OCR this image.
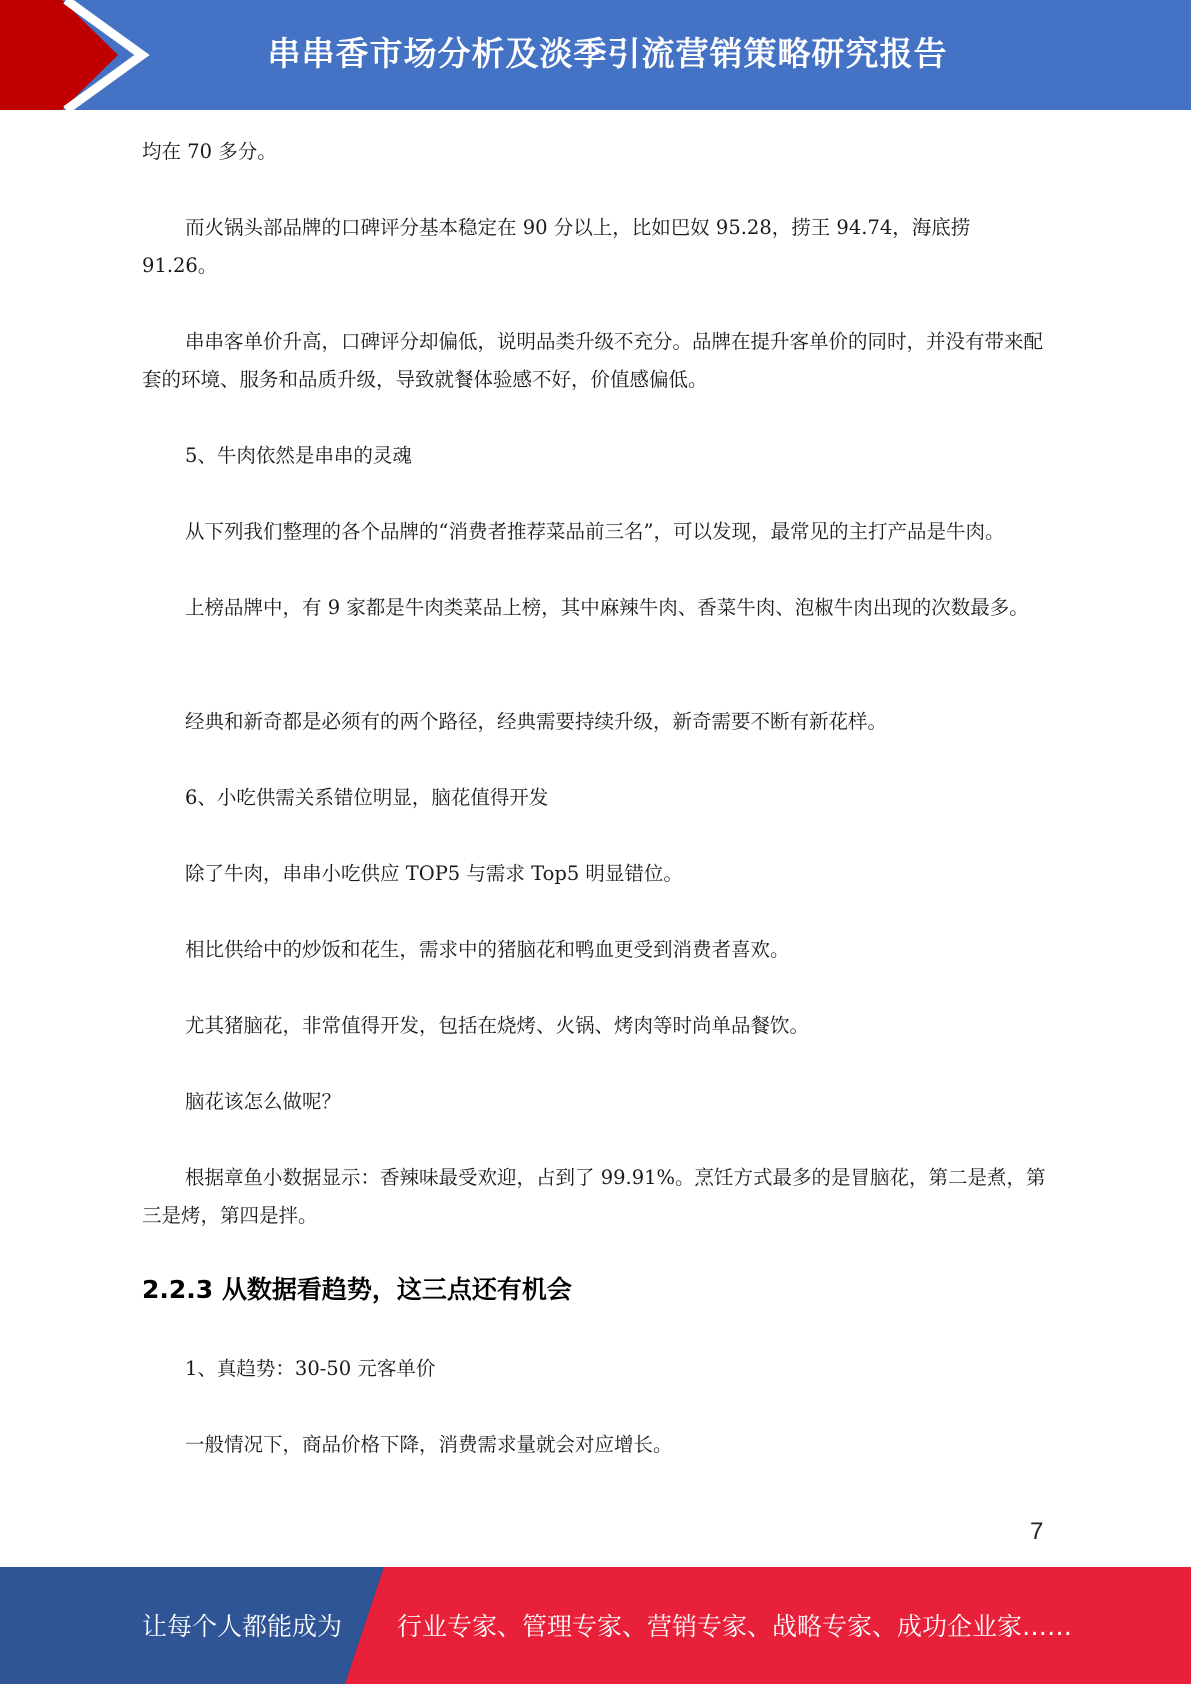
串串香市场分析及淡季引流营销策略研究报告

均在 70 多分。

而火锅头部品牌的口碑评分基本稳定在 90 分以上，比如巴奴 95.28，捞王 94.74，海底捞 91.26。

串串客单价升高，口碑评分却偏低，说明品类升级不充分。品牌在提升客单价的同时，并没有带来配套的环境、服务和品质升级，导致就餐体验感不好，价值感偏低。

5、牛肉依然是串串的灵魂

从下列我们整理的各个品牌的“消费者推荐菜品前三名”，可以发现，最常见的主打产品是牛肉。

上榜品牌中，有 9 家都是牛肉类菜品上榜，其中麻辣牛肉、香菜牛肉、泡椒牛肉出现的次数最多。

经典和新奇都是必须有的两个路径，经典需要持续升级，新奇需要不断有新花样。

6、小吃供需关系错位明显，脑花值得开发

除了牛肉，串串小吃供应 TOP5 与需求 Top5 明显错位。

相比供给中的炒饭和花生，需求中的猪脑花和鸭血更受到消费者喜欢。

尤其猪脑花，非常值得开发，包括在烧烤、火锅、烤肉等时尚单品餐饮。

脑花该怎么做呢？

根据章鱼小数据显示：香辣味最受欢迎，占到了 99.91%。烹饪方式最多的是冒脑花，第二是煮，第三是烤，第四是拌。

2.2.3 从数据看趋势，这三点还有机会

1、真趋势：30-50 元客单价

一般情况下，商品价格下降，消费需求量就会对应增长。

7
让每个人都能成为 行业专家、管理专家、营销专家、战略专家、成功企业家……
